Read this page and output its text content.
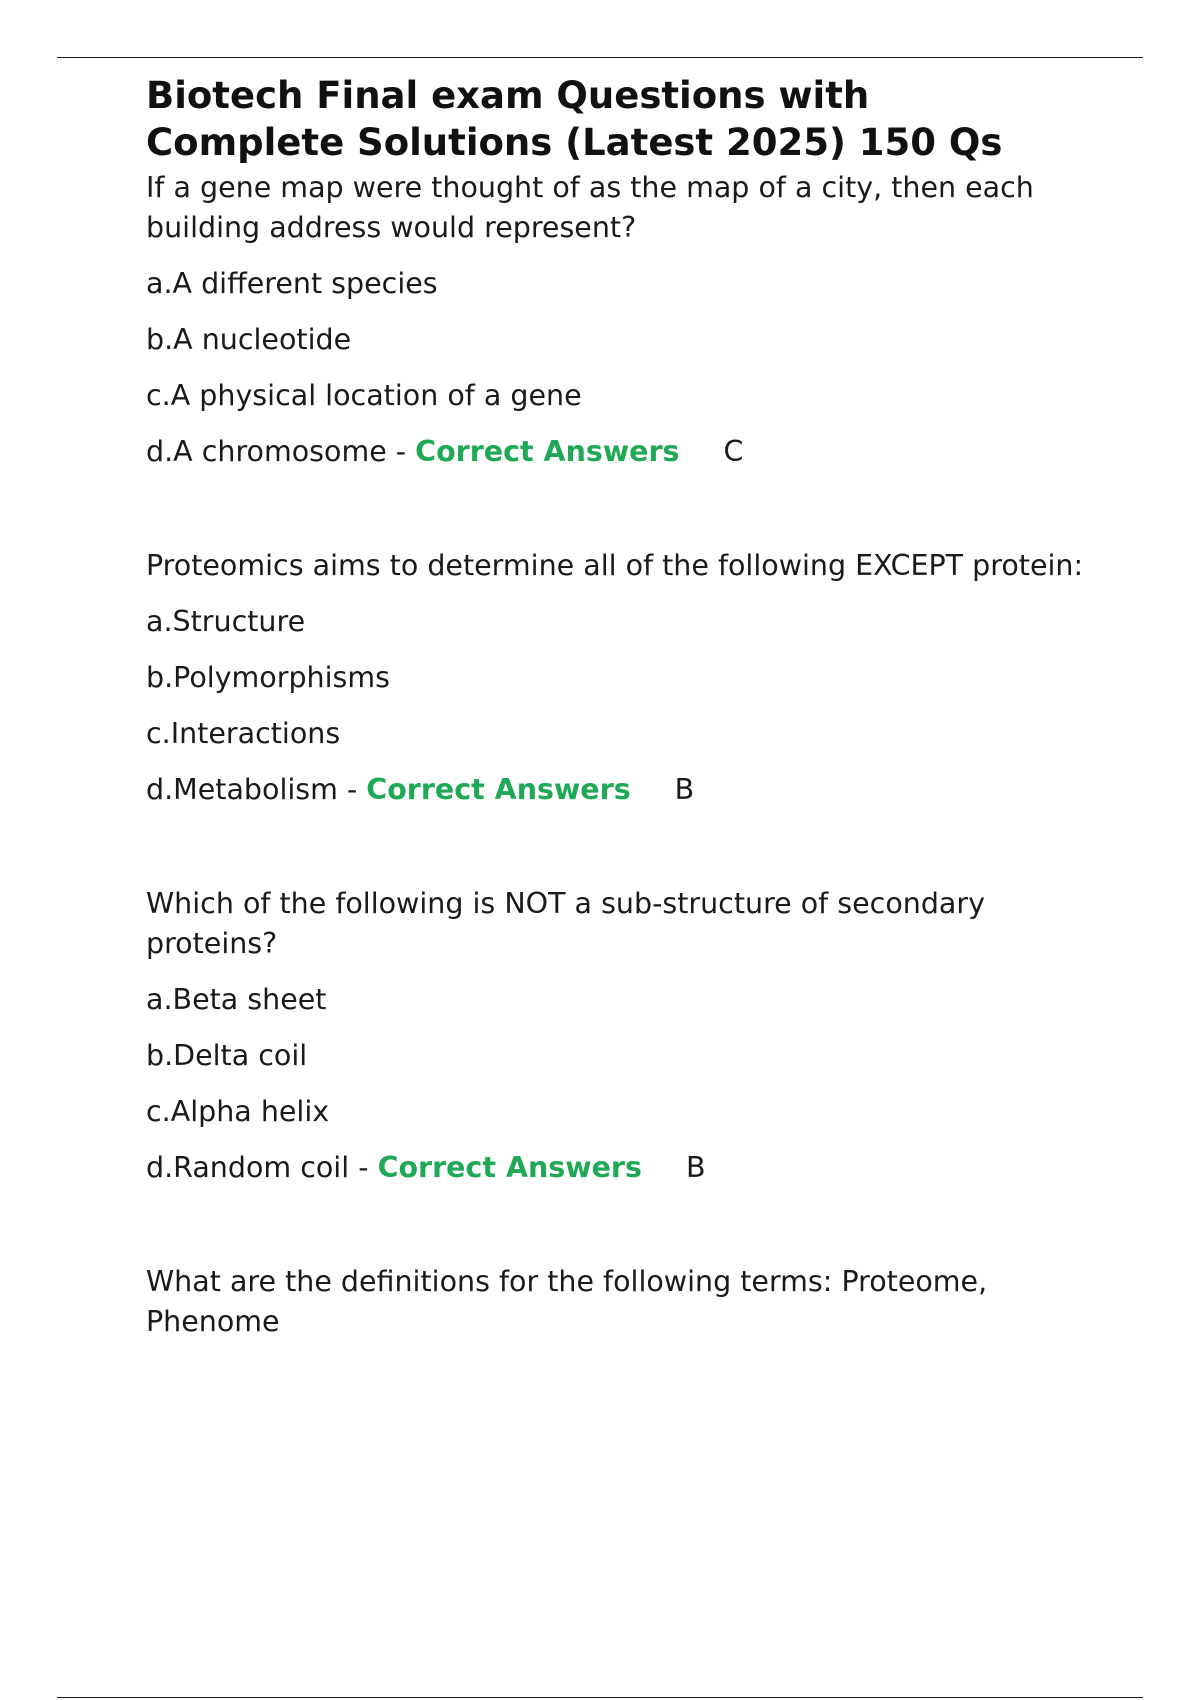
Biotech Final exam Questions with
Complete Solutions (Latest 2025) 150 Qs

If a gene map were thought of as the map of a city, then each building address would represent?

a.A different species
b.A nucleotide
c.A physical location of a gene
d.A chromosome - Correct Answers C

Proteomics aims to determine all of the following EXCEPT protein:

a.Structure
b.Polymorphisms
c.Interactions
d.Metabolism - Correct Answers B

Which of the following is NOT a sub-structure of secondary proteins?

a.Beta sheet
b.Delta coil
c.Alpha helix
d.Random coil - Correct Answers B

What are the definitions for the following terms: Proteome, Phenome
